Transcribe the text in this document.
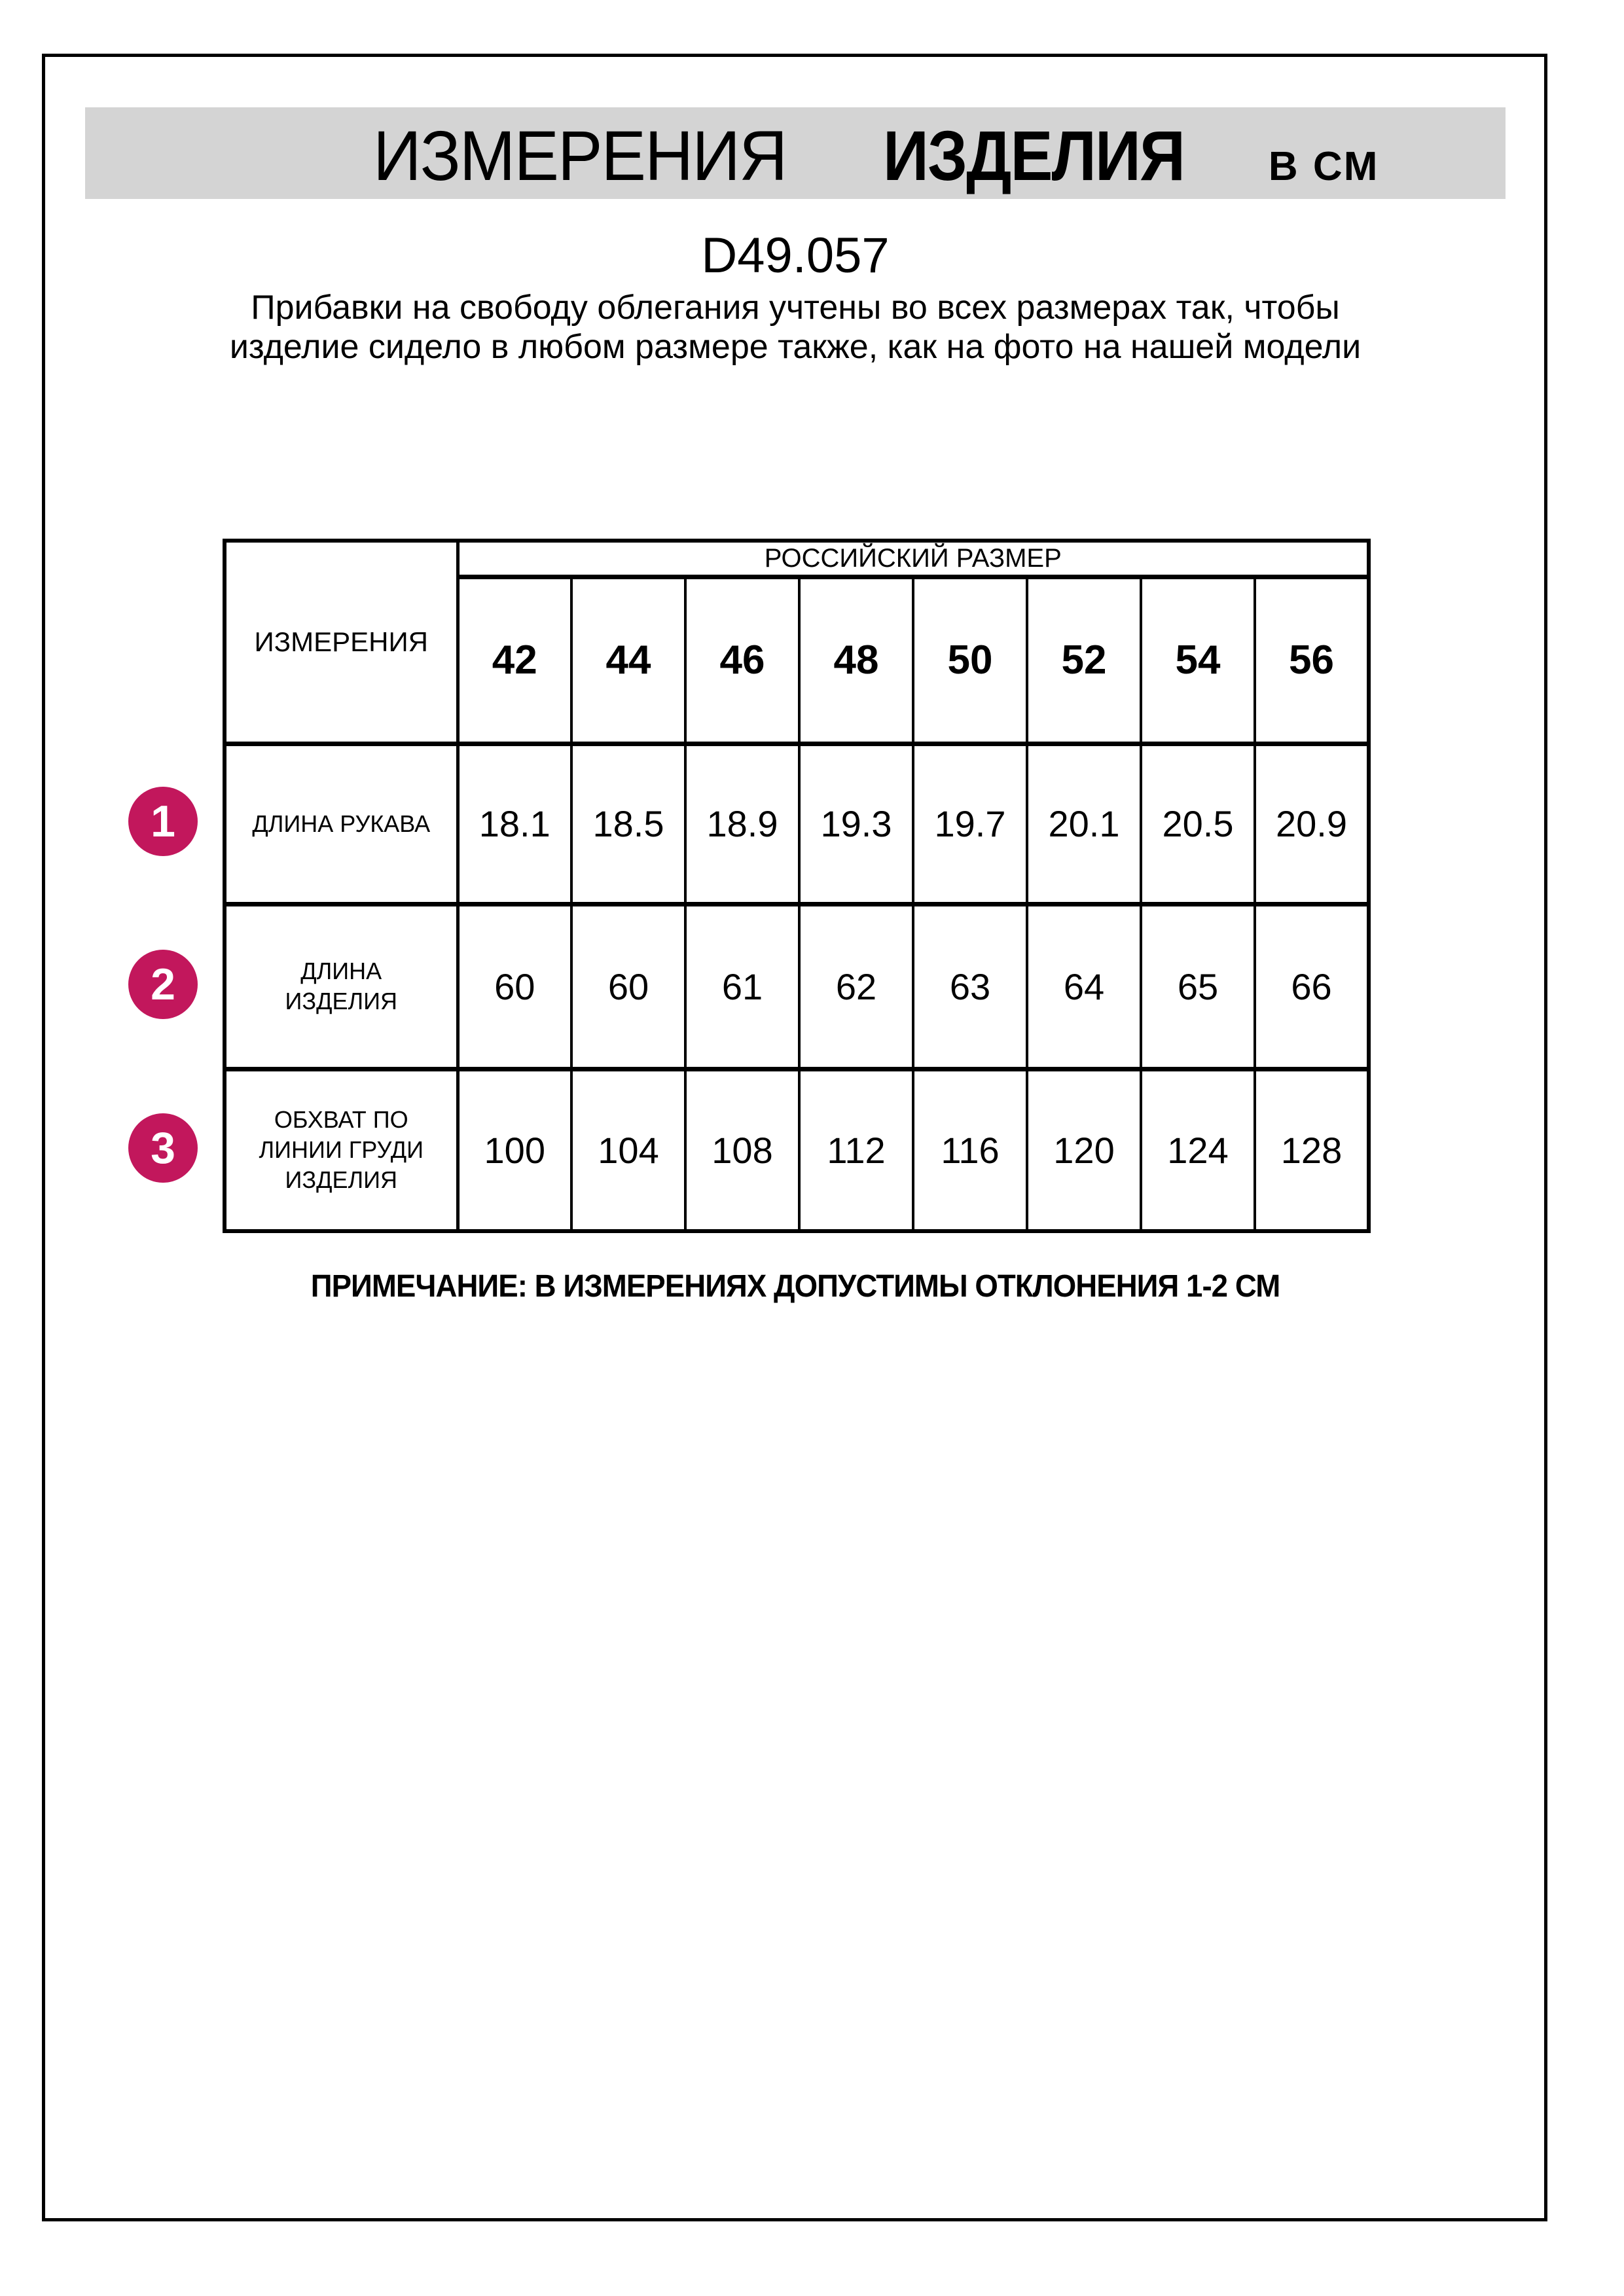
ИЗМЕРЕНИЯ ИЗДЕЛИЯ В СМ
D49.057
Прибавки на свободу облегания учтены во всех размерах так, чтобы изделие сидело в любом размере также, как на фото на нашей модели
ИЗМЕРЕНИЯ	РОССИЙСКИЙ РАЗМЕР							
	42	44	46	48	50	52	54	56
ДЛИНА РУКАВА	18.1	18.5	18.9	19.3	19.7	20.1	20.5	20.9
ДЛИНА ИЗДЕЛИЯ	60	60	61	62	63	64	65	66
ОБХВАТ ПО ЛИНИИ ГРУДИ ИЗДЕЛИЯ	100	104	108	112	116	120	124	128
1
2
3
ПРИМЕЧАНИЕ: В ИЗМЕРЕНИЯХ ДОПУСТИМЫ ОТКЛОНЕНИЯ 1-2 СМ
